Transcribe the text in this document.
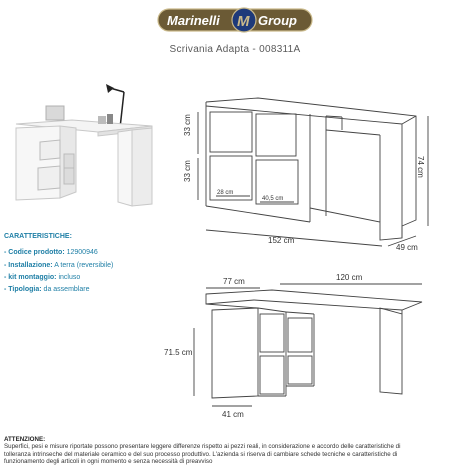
Marinelli M Group
Scrivania Adapta - 008311A
33 cm
33 cm	74 cm
152 cm
49 cm
28 cm
40,5 cm
CARATTERISTICHE:
- Codice prodotto: 12900946
- Installazione: A terra (reversibile)
- kit montaggio: incluso
- Tipologia: da assemblare
77 cm	120 cm
71.5 cm
41 cm
ATTENZIONE:
Superfici, pesi e misure riportate possono presentare leggere differenze rispetto ai pezzi reali, in considerazione e accordo delle caratteristiche di
tolleranza intrinseche del materiale ceramico e del suo processo produttivo. L'azienda si riserva di cambiare schede tecniche e caratteristiche di
funzionamento degli articoli in ogni momento e senza necessità di preavviso
